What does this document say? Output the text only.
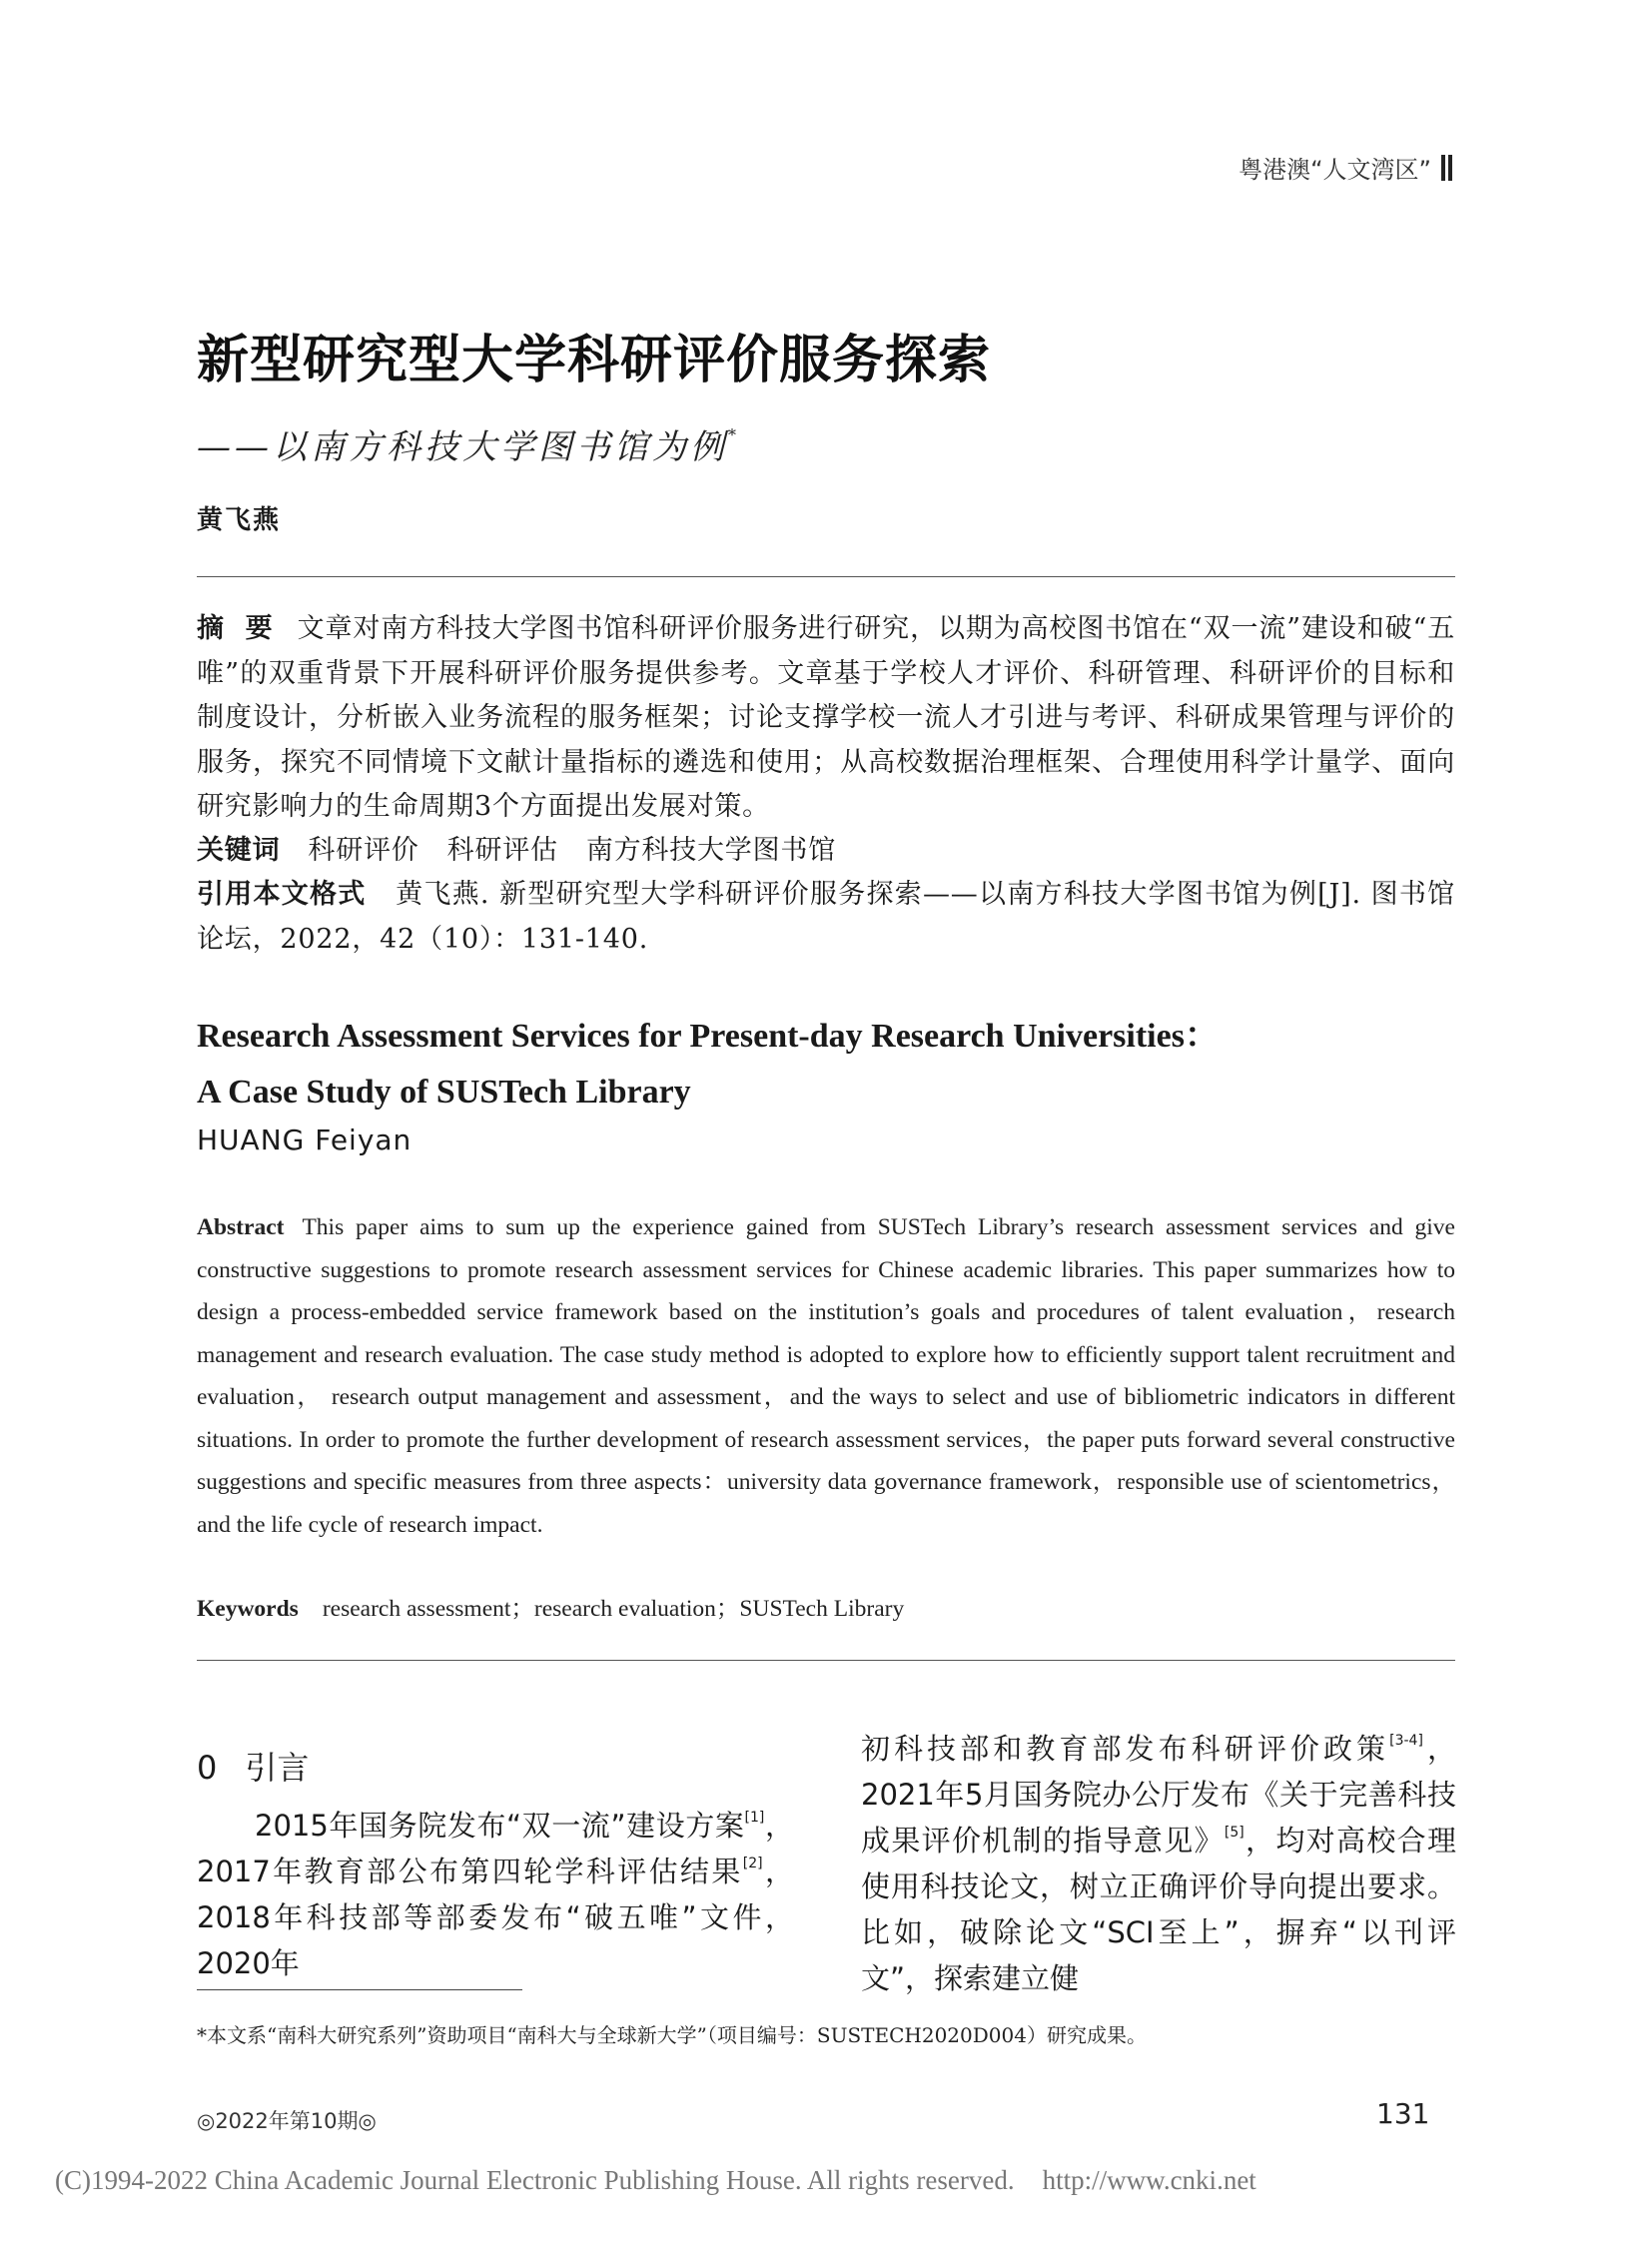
粤港澳“人文湾区”
新型研究型大学科研评价服务探索
——以南方科技大学图书馆为例*
黄飞燕
摘 要 文章对南方科技大学图书馆科研评价服务进行研究，以期为高校图书馆在“双一流”建设和破“五唯”的双重背景下开展科研评价服务提供参考。文章基于学校人才评价、科研管理、科研评价的目标和制度设计，分析嵌入业务流程的服务框架；讨论支撑学校一流人才引进与考评、科研成果管理与评价的服务，探究不同情境下文献计量指标的遴选和使用；从高校数据治理框架、合理使用科学计量学、面向研究影响力的生命周期3个方面提出发展对策。
关键词 科研评价 科研评估 南方科技大学图书馆
引用本文格式 黄飞燕. 新型研究型大学科研评价服务探索——以南方科技大学图书馆为例[J]. 图书馆论坛，2022，42（10）：131-140.
Research Assessment Services for Present-day Research Universities：
A Case Study of SUSTech Library
HUANG Feiyan
Abstract This paper aims to sum up the experience gained from SUSTech Library’s research assessment services and give constructive suggestions to promote research assessment services for Chinese academic libraries. This paper summarizes how to design a process-embedded service framework based on the institution’s goals and procedures of talent evaluation，research management and research evaluation. The case study method is adopted to explore how to efficiently support talent recruitment and evaluation， research output management and assessment，and the ways to select and use of bibliometric indicators in different situations. In order to promote the further development of research assessment services，the paper puts forward several constructive suggestions and specific measures from three aspects：university data governance framework，responsible use of scientometrics，and the life cycle of research impact.
Keywords research assessment；research evaluation；SUSTech Library
0 引言
2015年国务院发布“双一流”建设方案[1]，2017年教育部公布第四轮学科评估结果[2]，2018年科技部等部委发布“破五唯”文件，2020年
初科技部和教育部发布科研评价政策[3-4]，2021年5月国务院办公厅发布《关于完善科技成果评价机制的指导意见》[5]，均对高校合理使用科技论文，树立正确评价导向提出要求。比如，破除论文“SCI至上”，摒弃“以刊评文”，探索建立健
*本文系“南科大研究系列”资助项目“南科大与全球新大学”（项目编号：SUSTECH2020D004）研究成果。
◎2022年第10期◎	131
(C)1994-2022 China Academic Journal Electronic Publishing House. All rights reserved. http://www.cnki.net
